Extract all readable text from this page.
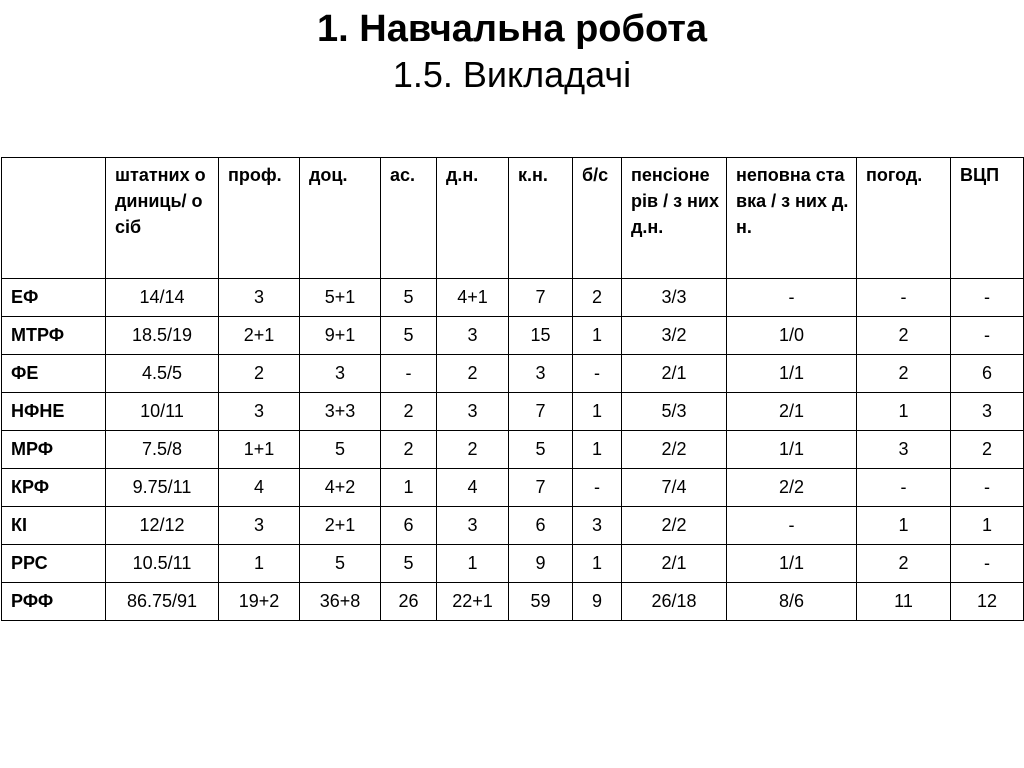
1. Навчальна робота
1.5. Викладачі
	штатних одиниць/ осіб	проф.	доц.	ас.	д.н.	к.н.	б/с	пенсіонерів / з них д.н.	неповна ставка / з них д.н.	погод.	ВЦП
ЕФ	14/14	3	5+1	5	4+1	7	2	3/3	-	-	-
МТРФ	18.5/19	2+1	9+1	5	3	15	1	3/2	1/0	2	-
ФЕ	4.5/5	2	3	-	2	3	-	2/1	1/1	2	6
НФНЕ	10/11	3	3+3	2	3	7	1	5/3	2/1	1	3
МРФ	7.5/8	1+1	5	2	2	5	1	2/2	1/1	3	2
КРФ	9.75/11	4	4+2	1	4	7	-	7/4	2/2	-	-
КІ	12/12	3	2+1	6	3	6	3	2/2	-	1	1
РРС	10.5/11	1	5	5	1	9	1	2/1	1/1	2	-
РФФ	86.75/91	19+2	36+8	26	22+1	59	9	26/18	8/6	11	12
